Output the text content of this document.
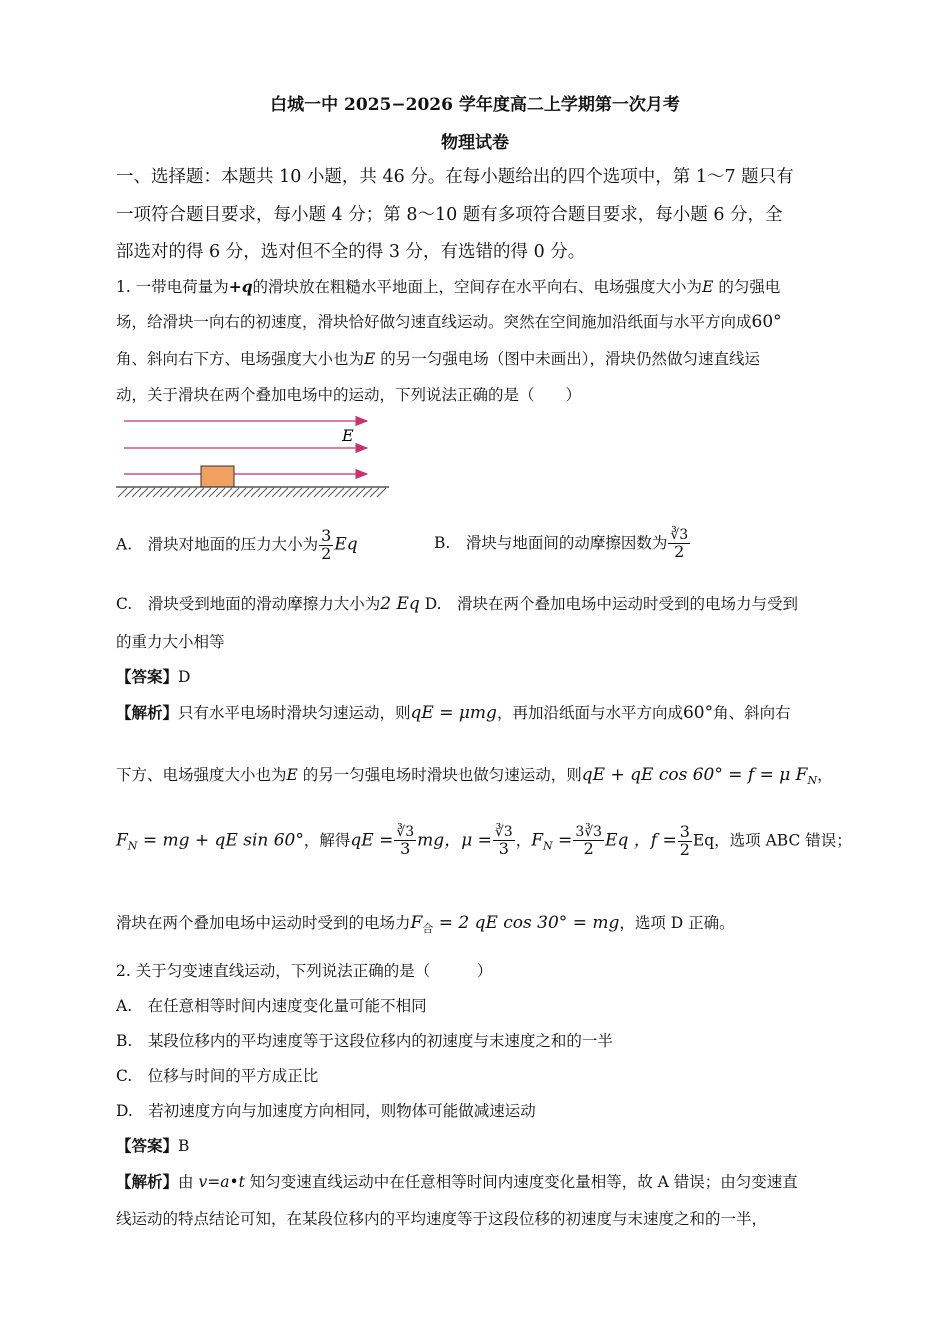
白城一中 2025−2026 学年度高二上学期第一次月考
物理试卷
一、选择题：本题共 10 小题，共 46 分。在每小题给出的四个选项中，第 1～7 题只有
一项符合题目要求，每小题 4 分；第 8～10 题有多项符合题目要求，每小题 6 分，全
部选对的得 6 分，选对但不全的得 3 分，有选错的得 0 分。
1. 一带电荷量为+q的滑块放在粗糙水平地面上，空间存在水平向右、电场强度大小为E 的匀强电
场，给滑块一向右的初速度，滑块恰好做匀速直线运动。突然在空间施加沿纸面与水平方向成60°
角、斜向右下方、电场强度大小也为E 的另一匀强电场（图中未画出），滑块仍然做匀速直线运
动，关于滑块在两个叠加电场中的运动，下列说法正确的是（　　）
E
A.　滑块对地面的压力大小为 $\frac{3}{2}$ Eq	B.　滑块与地面间的动摩擦因数为 $\frac{∛3}{2}$
C.　滑块受到地面的滑动摩擦力大小为2 Eq D.　滑块在两个叠加电场中运动时受到的电场力与受到
的重力大小相等
【答案】D
【解析】只有水平电场时滑块匀速运动，则qE = μmg，再加沿纸面与水平方向成60°角、斜向右
下方、电场强度大小也为E 的另一匀强电场时滑块也做匀速运动，则qE + qE cos 60° = f = μ $F_N$，
$F_N$ = mg + qE sin 60°，解得qE = $\frac{∛3}{3}$ mg，$\mu = \frac{∛3}{3}$ ，$F_N = \frac{3∛3}{2}$ Eq ，$f = \frac{3}{2}$ Eq，选项 ABC 错误；
滑块在两个叠加电场中运动时受到的电场力$F_合 = 2$ qE cos 30° = mg，选项 D 正确。
2. 关于匀变速直线运动，下列说法正确的是（　　　）
A.　在任意相等时间内速度变化量可能不相同
B.　某段位移内的平均速度等于这段位移内的初速度与末速度之和的一半
C.　位移与时间的平方成正比
D.　若初速度方向与加速度方向相同，则物体可能做减速运动
【答案】B
【解析】由 v=a•t 知匀变速直线运动中在任意相等时间内速度变化量相等，故 A 错误；由匀变速直
线运动的特点结论可知，在某段位移内的平均速度等于这段位移的初速度与末速度之和的一半，
